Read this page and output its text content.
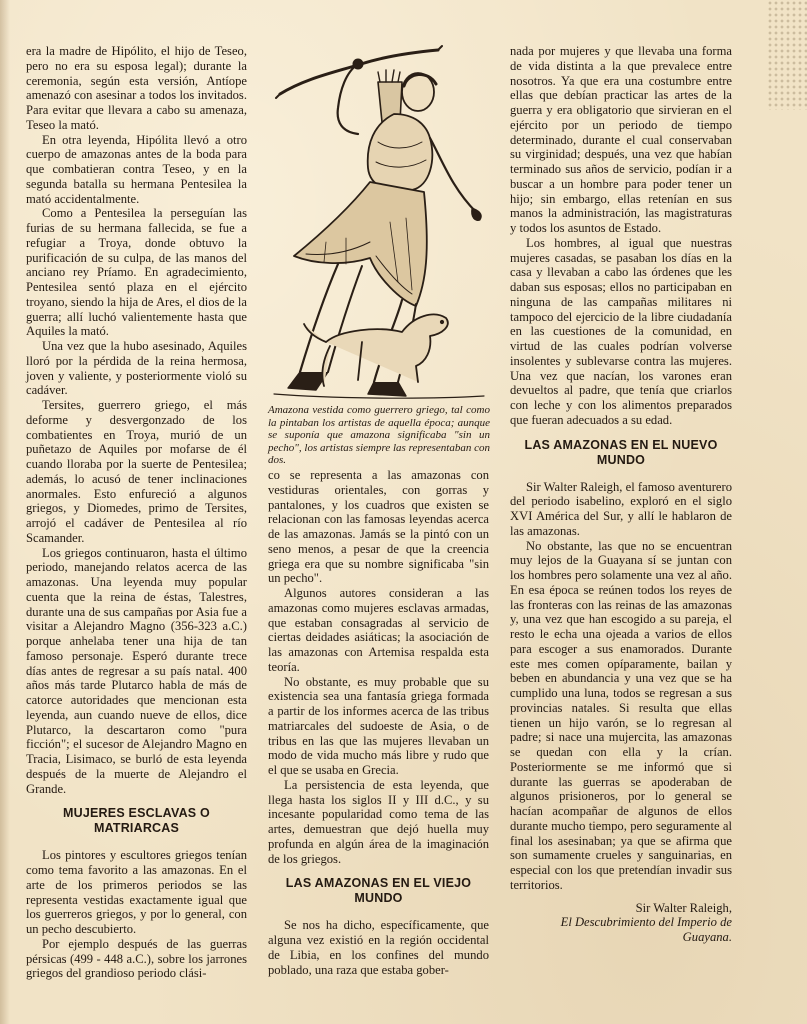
era la madre de Hipólito, el hijo de Teseo, pero no era su esposa legal); durante la ceremonia, según esta versión, Antíope amenazó con asesinar a todos los invitados. Para evitar que llevara a cabo su amenaza, Teseo la mató.

En otra leyenda, Hipólita llevó a otro cuerpo de amazonas antes de la boda para que combatieran contra Teseo, y en la segunda batalla su hermana Pentesilea la mató accidentalmente.

Como a Pentesilea la perseguían las furias de su hermana fallecida, se fue a refugiar a Troya, donde obtuvo la purificación de su culpa, de las manos del anciano rey Príamo. En agradecimiento, Pentesilea sentó plaza en el ejército troyano, siendo la hija de Ares, el dios de la guerra; allí luchó valientemente hasta que Aquiles la mató.

Una vez que la hubo asesinado, Aquiles lloró por la pérdida de la reina hermosa, joven y valiente, y posteriormente violó su cadáver.

Tersites, guerrero griego, el más deforme y desvergonzado de los combatientes en Troya, murió de un puñetazo de Aquiles por mofarse de él cuando lloraba por la suerte de Pentesilea; además, lo acusó de tener inclinaciones anormales. Esto enfureció a algunos griegos, y Diomedes, primo de Tersites, arrojó el cadáver de Pentesilea al río Scamander.

Los griegos continuaron, hasta el último periodo, manejando relatos acerca de las amazonas. Una leyenda muy popular cuenta que la reina de éstas, Talestres, durante una de sus campañas por Asia fue a visitar a Alejandro Magno (356-323 a.C.) porque anhelaba tener una hija de tan famoso personaje. Esperó durante trece días antes de regresar a su país natal. 400 años más tarde Plutarco habla de más de catorce autoridades que mencionan esta leyenda, aun cuando nueve de ellos, dice Plutarco, la descartaron como "pura ficción"; el sucesor de Alejandro Magno en Tracia, Lisimaco, se burló de esta leyenda después de la muerte de Alejandro el Grande.

MUJERES ESCLAVAS O MATRIARCAS

Los pintores y escultores griegos tenían como tema favorito a las amazonas. En el arte de los primeros periodos se las representa vestidas exactamente igual que los guerreros griegos, y por lo general, con un pecho descubierto.

Por ejemplo después de las guerras pérsicas (499 - 448 a.C.), sobre los jarrones griegos del grandioso periodo clási-

Amazona vestida como guerrero griego, tal como la pintaban los artistas de aquella época; aunque se suponía que amazona significaba "sin un pecho", los artistas siempre las representaban con dos.

co se representa a las amazonas con vestiduras orientales, con gorras y pantalones, y los cuadros que existen se relacionan con las famosas leyendas acerca de las amazonas. Jamás se la pintó con un seno menos, a pesar de que la creencia griega era que su nombre significaba "sin un pecho".

Algunos autores consideran a las amazonas como mujeres esclavas armadas, que estaban consagradas al servicio de ciertas deidades asiáticas; la asociación de las amazonas con Artemisa respalda esta teoría.

No obstante, es muy probable que su existencia sea una fantasía griega formada a partir de los informes acerca de las tribus matriarcales del sudoeste de Asia, o de tribus en las que las mujeres llevaban un modo de vida mucho más libre y rudo que el que se usaba en Grecia.

La persistencia de esta leyenda, que llega hasta los siglos II y III d.C., y su incesante popularidad como tema de las artes, demuestran que dejó huella muy profunda en algún área de la imaginación de los griegos.

LAS AMAZONAS EN EL VIEJO MUNDO

Se nos ha dicho, específicamente, que alguna vez existió en la región occidental de Libia, en los confines del mundo poblado, una raza que estaba gober-

nada por mujeres y que llevaba una forma de vida distinta a la que prevalece entre nosotros. Ya que era una costumbre entre ellas que debían practicar las artes de la guerra y era obligatorio que sirvieran en el ejército por un periodo de tiempo determinado, durante el cual conservaban su virginidad; después, una vez que habían terminado sus años de servicio, podían ir a buscar a un hombre para poder tener un hijo; sin embargo, ellas retenían en sus manos la administración, las magistraturas y todos los asuntos de Estado.

Los hombres, al igual que nuestras mujeres casadas, se pasaban los días en la casa y llevaban a cabo las órdenes que les daban sus esposas; ellos no participaban en ninguna de las campañas militares ni tampoco del ejercicio de la libre ciudadanía en las cuestiones de la comunidad, en virtud de las cuales podrían volverse insolentes y sublevarse contra las mujeres. Una vez que nacían, los varones eran devueltos al padre, que tenía que criarlos con leche y con los alimentos preparados que fueran adecuados a su edad.

LAS AMAZONAS EN EL NUEVO MUNDO

Sir Walter Raleigh, el famoso aventurero del periodo isabelino, exploró en el siglo XVI América del Sur, y allí le hablaron de las amazonas.

No obstante, las que no se encuentran muy lejos de la Guayana sí se juntan con los hombres pero solamente una vez al año. En esa época se reúnen todos los reyes de las fronteras con las reinas de las amazonas y, una vez que han escogido a su pareja, el resto le echa una ojeada a varios de ellos para escoger a sus enamorados. Durante este mes comen opíparamente, bailan y beben en abundancia y una vez que se ha cumplido una luna, todos se regresan a sus provincias natales. Si resulta que ellas tienen un hijo varón, se lo regresan al padre; si nace una mujercita, las amazonas se quedan con ella y la crían. Posteriormente se me informó que si durante las guerras se apoderaban de algunos prisioneros, por lo general se hacían acompañar de algunos de ellos durante mucho tiempo, pero seguramente al final los asesinaban; ya que se afirma que son sumamente crueles y sanguinarias, en especial con los que pretendían invadir sus territorios.

Sir Walter Raleigh,
El Descubrimiento del Imperio de Guayana.
